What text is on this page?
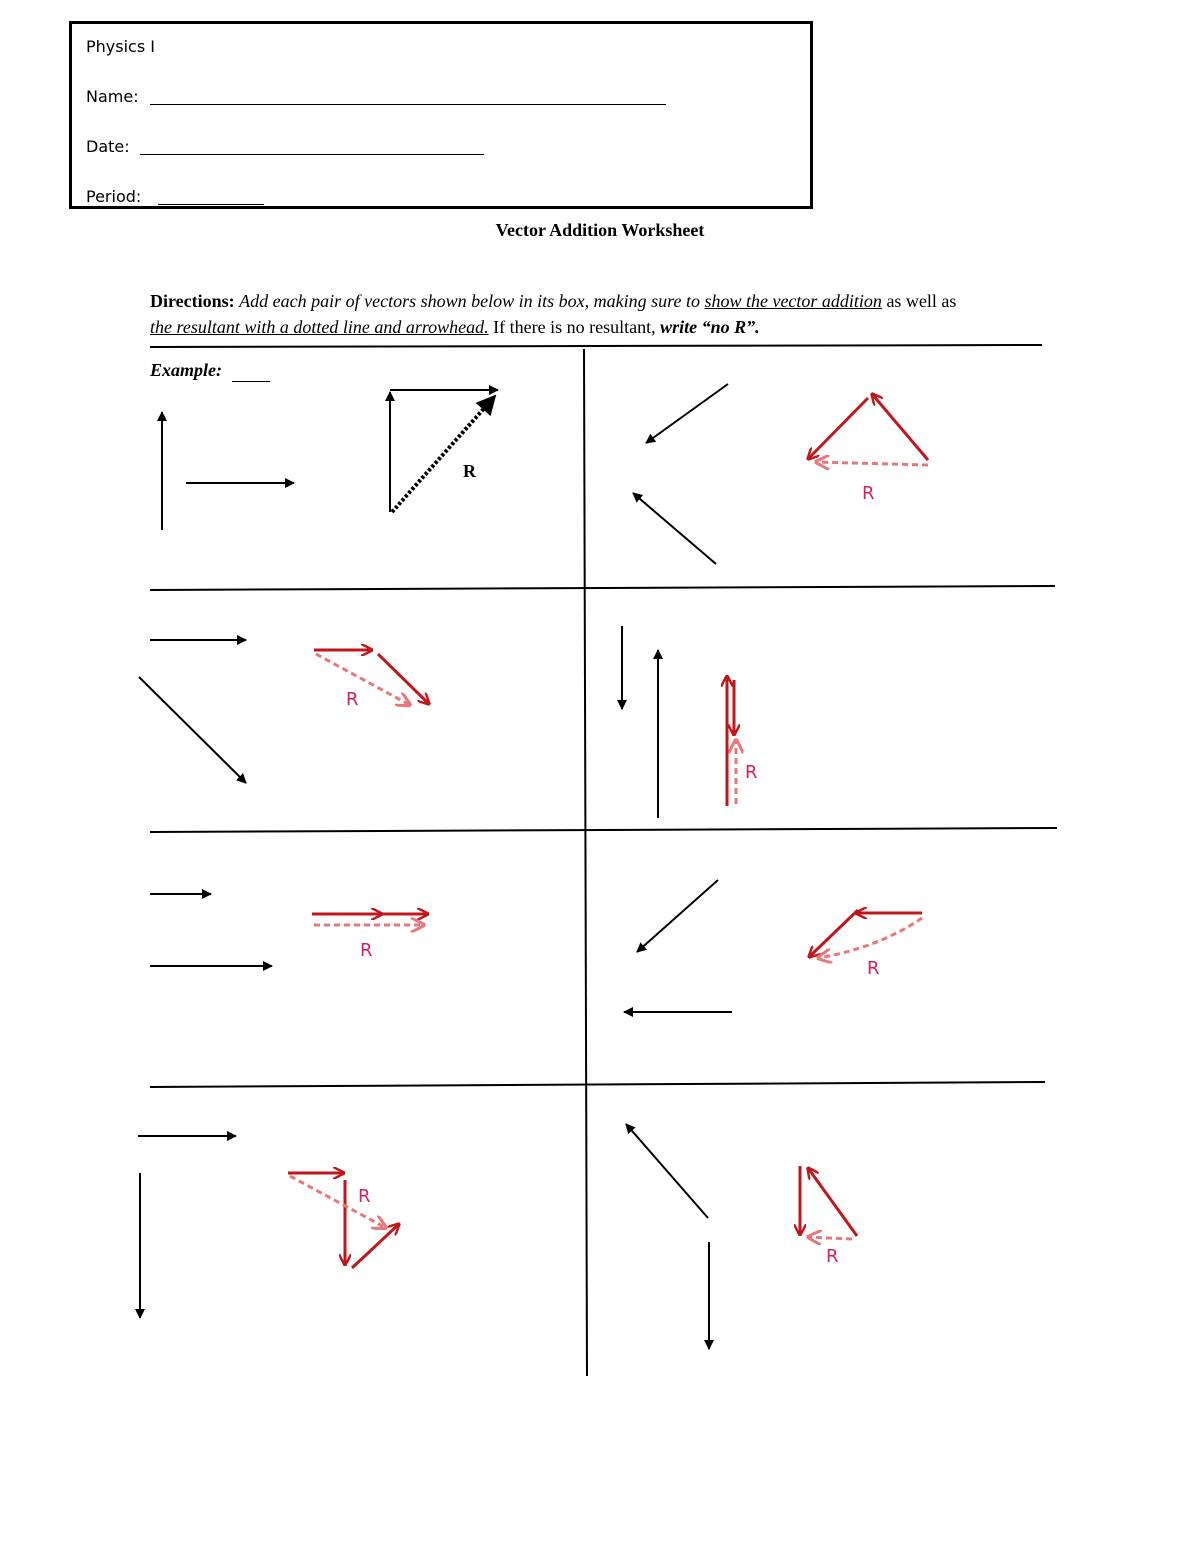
Physics I
Name:
Date:
Period:
Vector Addition Worksheet
Directions: Add each pair of vectors shown below in its box, making sure to show the vector addition as well as
the resultant with a dotted line and arrowhead. If there is no resultant, write “no R”.
Example:
R
R
R
R
R
R
R
R
